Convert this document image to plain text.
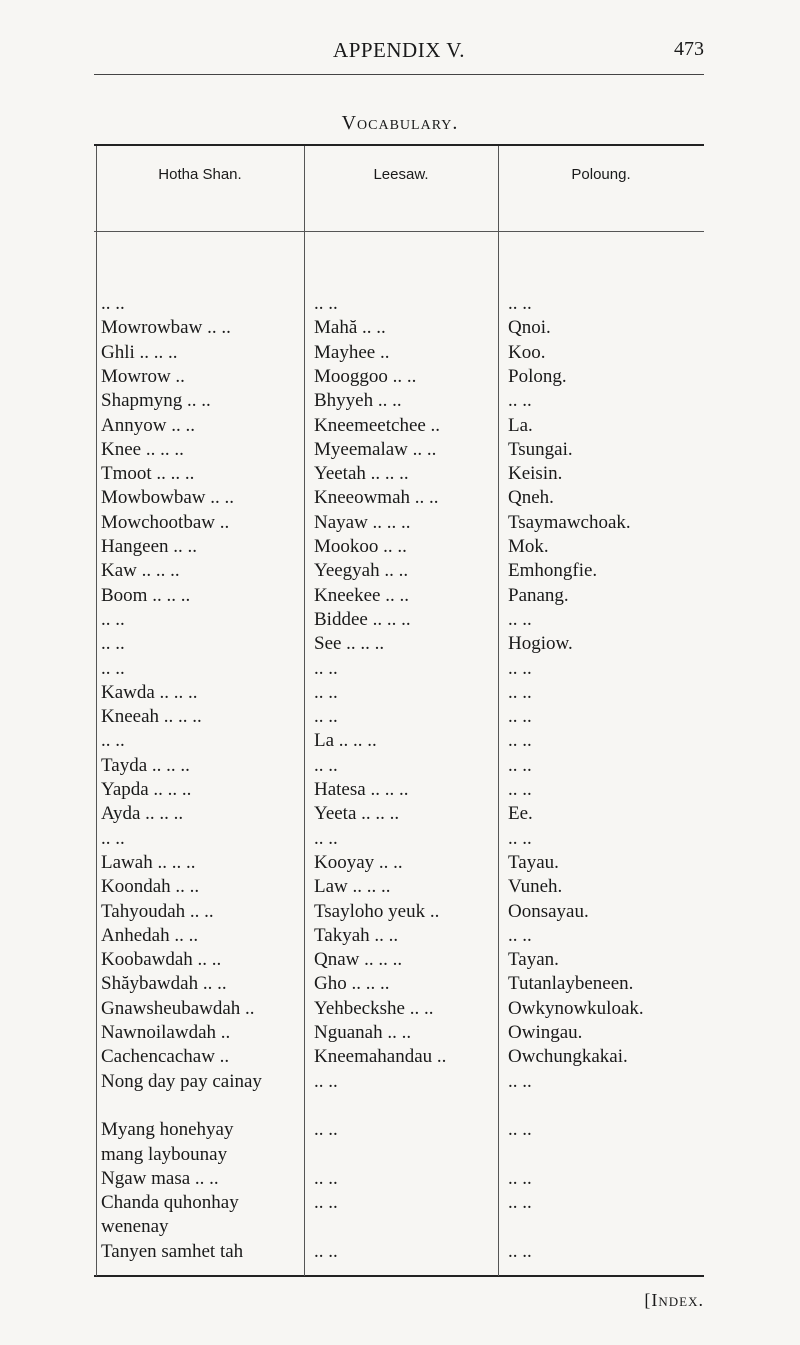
APPENDIX V.	473
Vocabulary.
Hotha Shan.	Leesaw.	Poloung.
.. ..	.. ..	.. ..
Mowrowbaw .. ..	Mahă .. ..	Qnoi.
Ghli .. .. ..	Mayhee ..	Koo.
Mowrow ..	Mooggoo .. ..	Polong.
Shapmyng .. ..	Bhyyeh .. ..	.. ..
Annyow .. ..	Kneemeetchee ..	La.
Knee .. .. ..	Myeemalaw .. ..	Tsungai.
Tmoot .. .. ..	Yeetah .. .. ..	Keisin.
Mowbowbaw .. ..	Kneeowmah .. ..	Qneh.
Mowchootbaw ..	Nayaw .. .. ..	Tsaymawchoak.
Hangeen .. ..	Mookoo .. ..	Mok.
Kaw .. .. ..	Yeegyah .. ..	Emhongfie.
Boom .. .. ..	Kneekee .. ..	Panang.
.. ..	Biddee .. .. ..	.. ..
.. ..	See .. .. ..	Hogiow.
.. ..	.. ..	.. ..
Kawda .. .. ..	.. ..	.. ..
Kneeah .. .. ..	.. ..	.. ..
.. ..	La .. .. ..	.. ..
Tayda .. .. ..	.. ..	.. ..
Yapda .. .. ..	Hatesa .. .. ..	.. ..
Ayda .. .. ..	Yeeta .. .. ..	Ee.
.. ..	.. ..	.. ..
Lawah .. .. ..	Kooyay .. ..	Tayau.
Koondah .. ..	Law .. .. ..	Vuneh.
Tahyoudah .. ..	Tsayloho yeuk ..	Oonsayau.
Anhedah .. ..	Takyah .. ..	.. ..
Koobawdah .. ..	Qnaw .. .. ..	Tayan.
Shăybawdah .. ..	Gho .. .. ..	Tutanlaybeneen.
Gnawsheubawdah ..	Yehbeckshe .. ..	Owkynowkuloak.
Nawnoilawdah ..	Nguanah .. ..	Owingau.
Cachencachaw ..	Kneemahandau ..	Owchungkakai.
Nong day pay cainay	.. ..	.. ..
Myang honehyay	.. ..	.. ..
mang laybounay
Ngaw masa .. ..	.. ..	.. ..
Chanda quhonhay	.. ..	.. ..
wenenay
Tanyen samhet tah	.. ..	.. ..
[Index.
